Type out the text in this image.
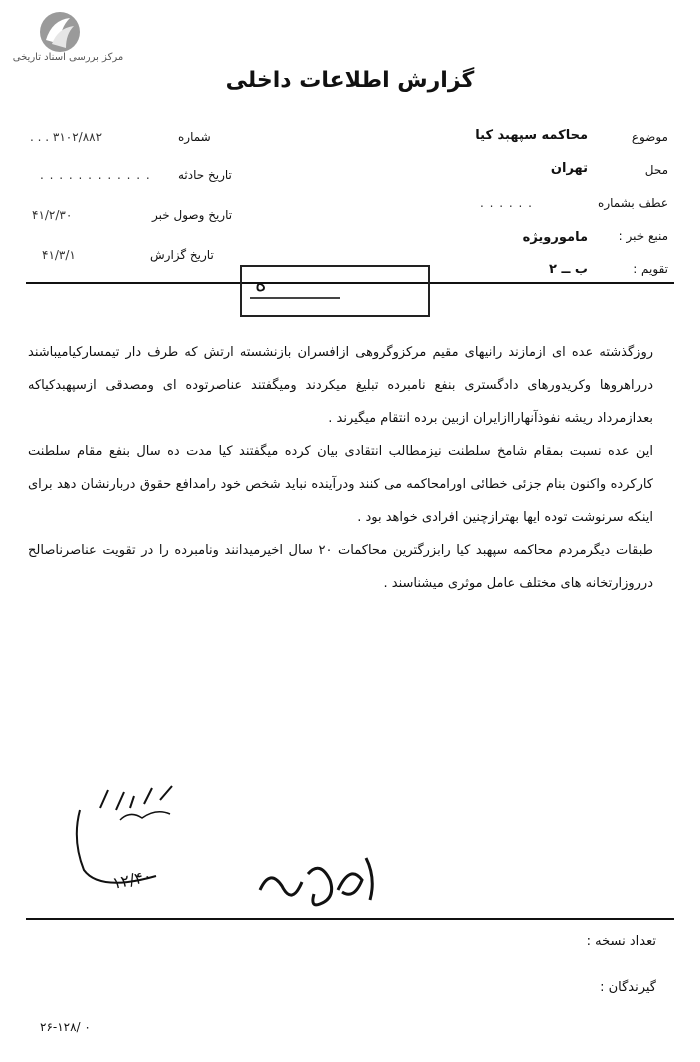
مرکز بررسی اسناد تاریخی
گزارش اطلاعات داخلی
موضوع
محاکمه سپهبد کیا
محل
تهران
عطف بشماره
. . . . . .
منبع خبر :
مامورویژه
تقویم :
ب ــ ۲
شماره
. . . ۳۱۰۲/۸۸۲
تاریخ حادثه
. . . . . . . . . . . .
تاریخ وصول خبر
۴۱/۲/۳۰
تاریخ گزارش
۴۱/۳/۱
ه

روزگذشته عده ای ازمازند رانیهای مقیم مرکزوگروهی ازافسران بازنشسته ارتش که طرف دار تیمسارکیامیباشند درراهروها وکریدورهای دادگستری بنفع نامبرده تبلیغ میکردند ومیگفتند عناصرتوده ای ومصدقی ازسپهبدکیاکه بعدازمرداد ریشه نفوذآنهاراازایران ازبین برده انتقام میگیرند .

این عده نسبت بمقام شامخ سلطنت نیزمطالب انتقادی بیان کرده میگفتند کیا مدت ده سال بنفع مقام سلطنت کارکرده واکنون بنام جزئی خطائی اورامحاکمه می کنند ودرآینده نباید شخص خود رامدافع حقوق دربارنشان دهد برای اینکه سرنوشت توده ایها بهترازچنین افرادی خواهد بود .

طبقات دیگرمردم محاکمه سپهبد کیا رابزرگترین محاکمات ۲۰ سال اخیرمیدانند ونامبرده را در تقویت عناصرناصالح درروزارتخانه های مختلف عامل موثری میشناسند .

۱۲/۴۰
تعداد نسخه :
گیرندگان :
۲۶-۱۲۸/ ۰
